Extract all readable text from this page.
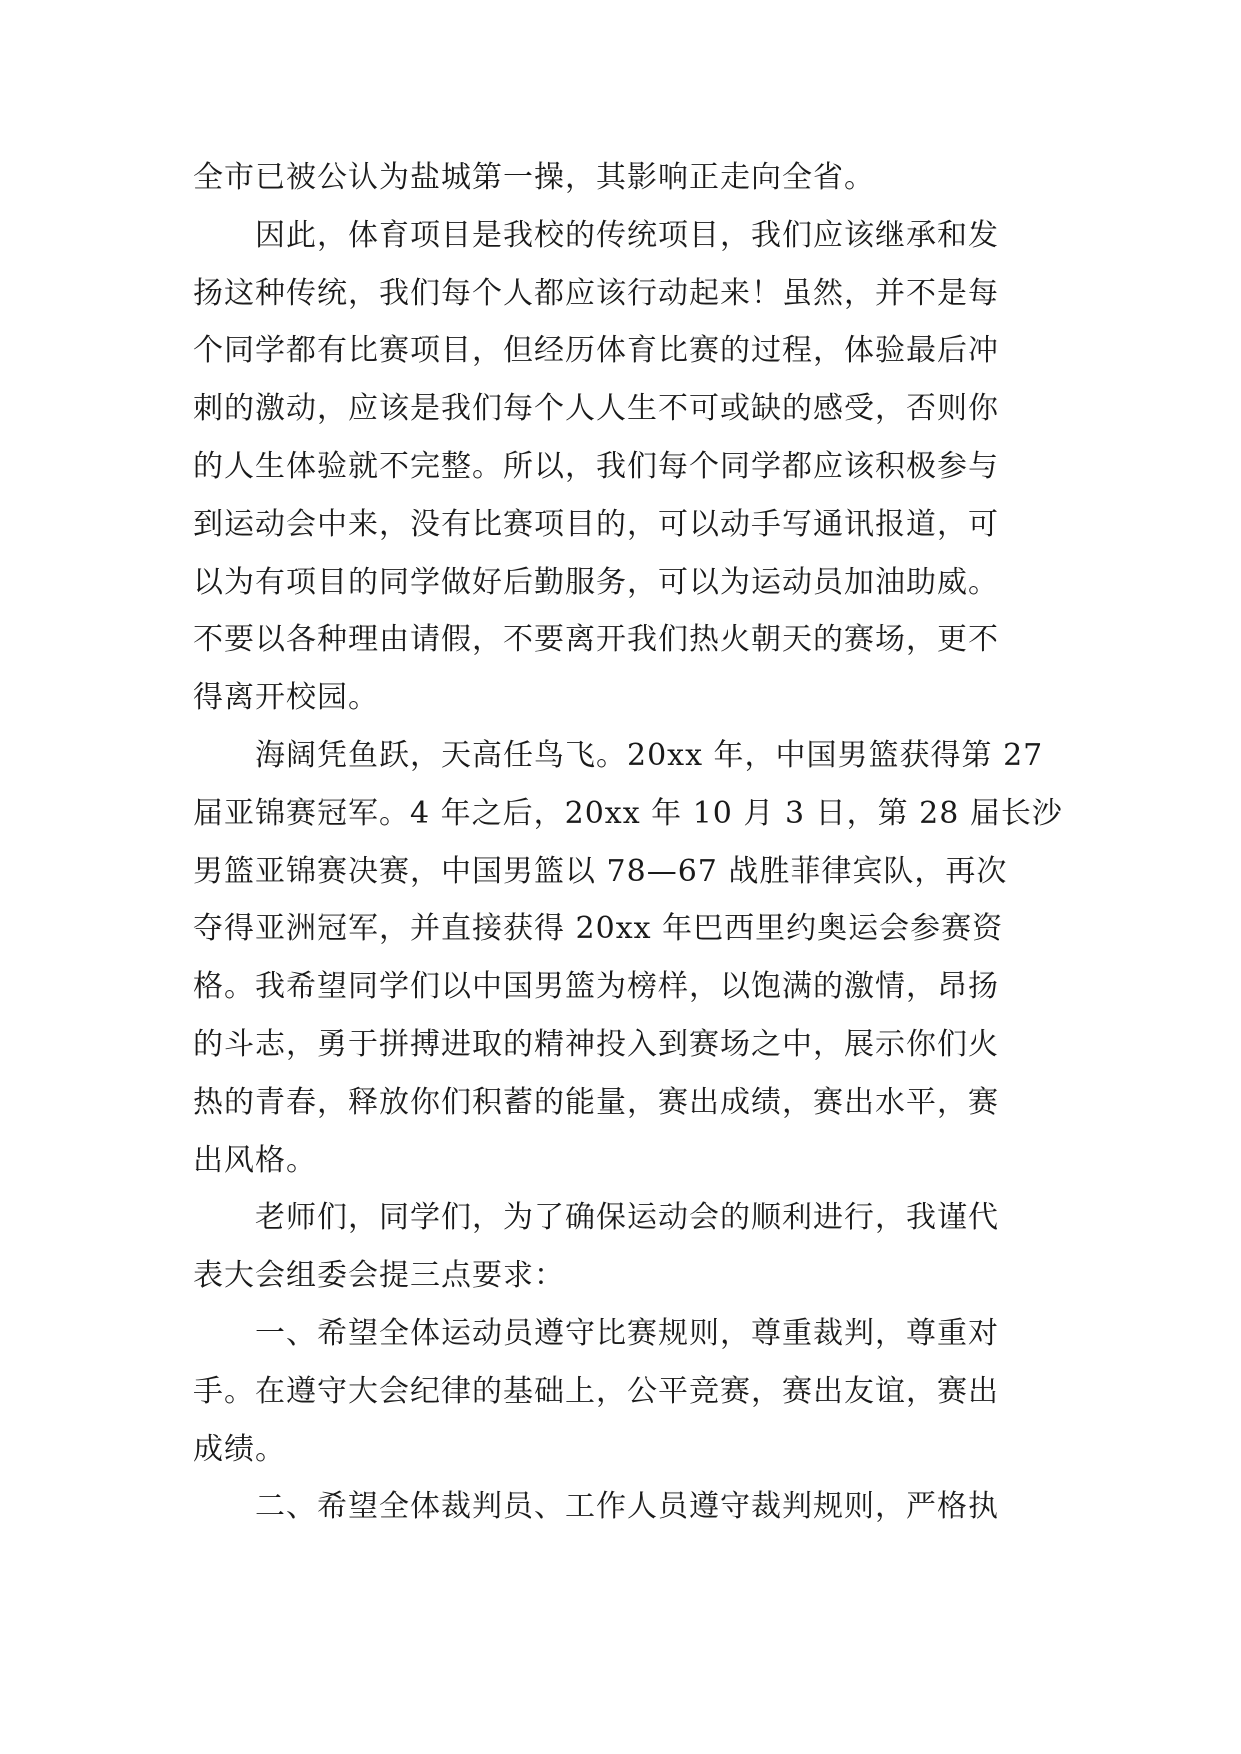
全市已被公认为盐城第一操，其影响正走向全省。
因此，体育项目是我校的传统项目，我们应该继承和发
扬这种传统，我们每个人都应该行动起来！虽然，并不是每
个同学都有比赛项目，但经历体育比赛的过程，体验最后冲
刺的激动，应该是我们每个人人生不可或缺的感受，否则你
的人生体验就不完整。所以，我们每个同学都应该积极参与
到运动会中来，没有比赛项目的，可以动手写通讯报道，可
以为有项目的同学做好后勤服务，可以为运动员加油助威。
不要以各种理由请假，不要离开我们热火朝天的赛场，更不
得离开校园。
海阔凭鱼跃，天高任鸟飞。20xx 年，中国男篮获得第 27
届亚锦赛冠军。4 年之后，20xx 年 10 月 3 日，第 28 届长沙
男篮亚锦赛决赛，中国男篮以 78—67 战胜菲律宾队，再次
夺得亚洲冠军，并直接获得 20xx 年巴西里约奥运会参赛资
格。我希望同学们以中国男篮为榜样，以饱满的激情，昂扬
的斗志，勇于拼搏进取的精神投入到赛场之中，展示你们火
热的青春，释放你们积蓄的能量，赛出成绩，赛出水平，赛
出风格。
老师们，同学们，为了确保运动会的顺利进行，我谨代
表大会组委会提三点要求：
一、希望全体运动员遵守比赛规则，尊重裁判，尊重对
手。在遵守大会纪律的基础上，公平竞赛，赛出友谊，赛出
成绩。
二、希望全体裁判员、工作人员遵守裁判规则，严格执
